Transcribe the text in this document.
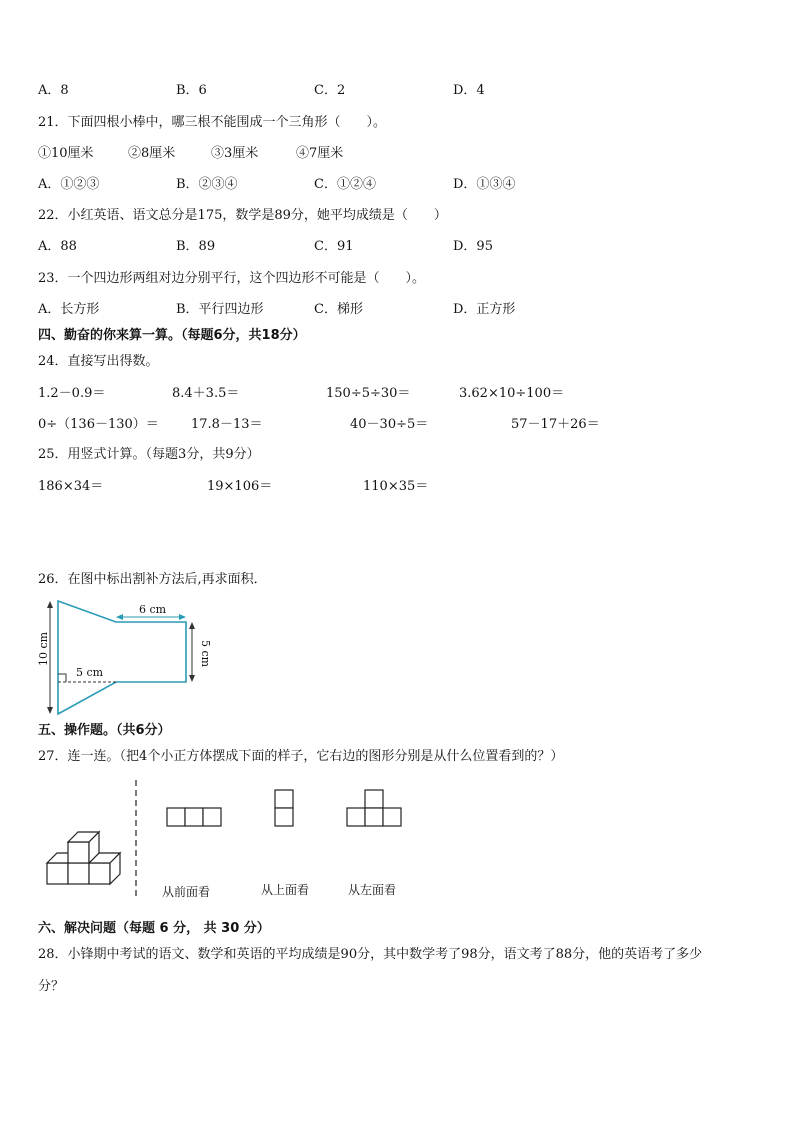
A．8	B．6	C．2	D．4
21．下面四根小棒中，哪三根不能围成一个三角形（　　）。
①10厘米	②8厘米	③3厘米	④7厘米
A．①②③	B．②③④	C．①②④	D．①③④
22．小红英语、语文总分是175，数学是89分，她平均成绩是（　　）
A．88	B．89	C．91	D．95
23．一个四边形两组对边分别平行，这个四边形不可能是（　　）。
A．长方形	B．平行四边形	C．梯形	D．正方形
四、勤奋的你来算一算。（每题6分，共18分）
24．直接写出得数。
1.2－0.9＝	8.4＋3.5＝	150÷5÷30＝	3.62×10÷100＝
0÷（136－130）＝ 17.8－13＝	40－30÷5＝	57－17＋26＝
25．用竖式计算。（每题3分，共9分）
186×34＝	19×106＝	110×35＝
26．在图中标出割补方法后,再求面积．
10 cm
6 cm
5 cm
5 cm
五、操作题。（共6分）
27．连一连。（把4个小正方体摆成下面的样子，它右边的图形分别是从什么位置看到的？）
从前面看	从上面看	从左面看
六、解决问题（每题 6 分， 共 30 分）
28．小锋期中考试的语文、数学和英语的平均成绩是90分，其中数学考了98分，语文考了88分，他的英语考了多少
分？
